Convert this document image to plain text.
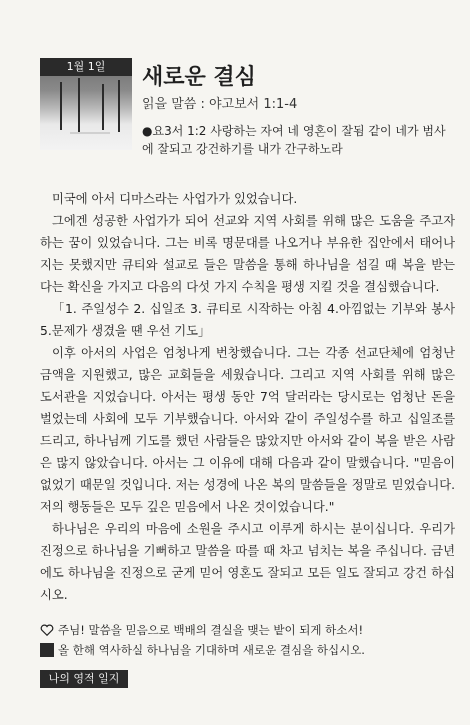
1월 1일	새로운 결심
읽을 말씀 : 야고보서 1:1-4
●요3서 1:2 사랑하는 자여 네 영혼이 잘됨 같이 네가 범사에 잘되고 강건하기를 내가 간구하노라

미국에 아서 디마스라는 사업가가 있었습니다.

그에겐 성공한 사업가가 되어 선교와 지역 사회를 위해 많은 도움을 주고자 하는 꿈이 있었습니다. 그는 비록 명문대를 나오거나 부유한 집안에서 태어나지는 못했지만 큐티와 설교로 들은 말씀을 통해 하나님을 섬길 때 복을 받는 다는 확신을 가지고 다음의 다섯 가지 수칙을 평생 지킬 것을 결심했습니다.

「1. 주일성수 2. 십일조 3. 큐티로 시작하는 아침 4.아낌없는 기부와 봉사 5.문제가 생겼을 땐 우선 기도」

이후 아서의 사업은 엄청나게 번창했습니다. 그는 각종 선교단체에 엄청난 금액을 지원했고, 많은 교회들을 세웠습니다. 그리고 지역 사회를 위해 많은 도서관을 지었습니다. 아서는 평생 동안 7억 달러라는 당시로는 엄청난 돈을 벌었는데 사회에 모두 기부했습니다. 아서와 같이 주일성수를 하고 십일조를 드리고, 하나님께 기도를 했던 사람들은 많았지만 아서와 같이 복을 받은 사람은 많지 않았습니다. 아서는 그 이유에 대해 다음과 같이 말했습니다. "믿음이 없었기 때문일 것입니다. 저는 성경에 나온 복의 말씀들을 정말로 믿었습니다. 저의 행동들은 모두 깊은 믿음에서 나온 것이었습니다."

하나님은 우리의 마음에 소원을 주시고 이루게 하시는 분이십니다. 우리가 진정으로 하나님을 기뻐하고 말씀을 따를 때 차고 넘치는 복을 주십니다. 금년에도 하나님을 진정으로 굳게 믿어 영혼도 잘되고 모든 일도 잘되고 강건 하십시오.

주님! 말씀을 믿음으로 백배의 결실을 맺는 밭이 되게 하소서!
올 한해 역사하실 하나님을 기대하며 새로운 결심을 하십시오.
나의 영적 일지
